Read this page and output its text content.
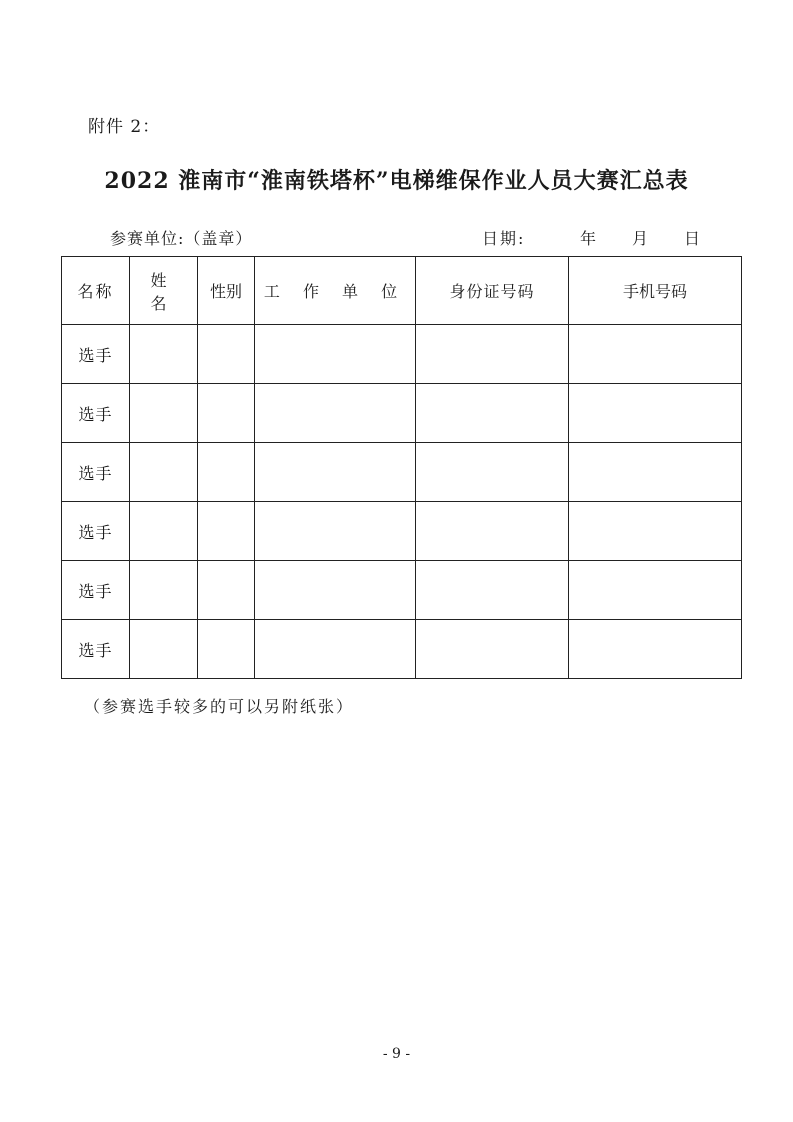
附件 2：
2022 淮南市“淮南铁塔杯”电梯维保作业人员大赛汇总表
参赛单位:（盖章）	日期:	年 月 日
名称	姓 名	性别	工 作 单 位	身份证号码	手机号码
选手					
选手					
选手					
选手					
选手					
选手					
（参赛选手较多的可以另附纸张）
- 9 -
